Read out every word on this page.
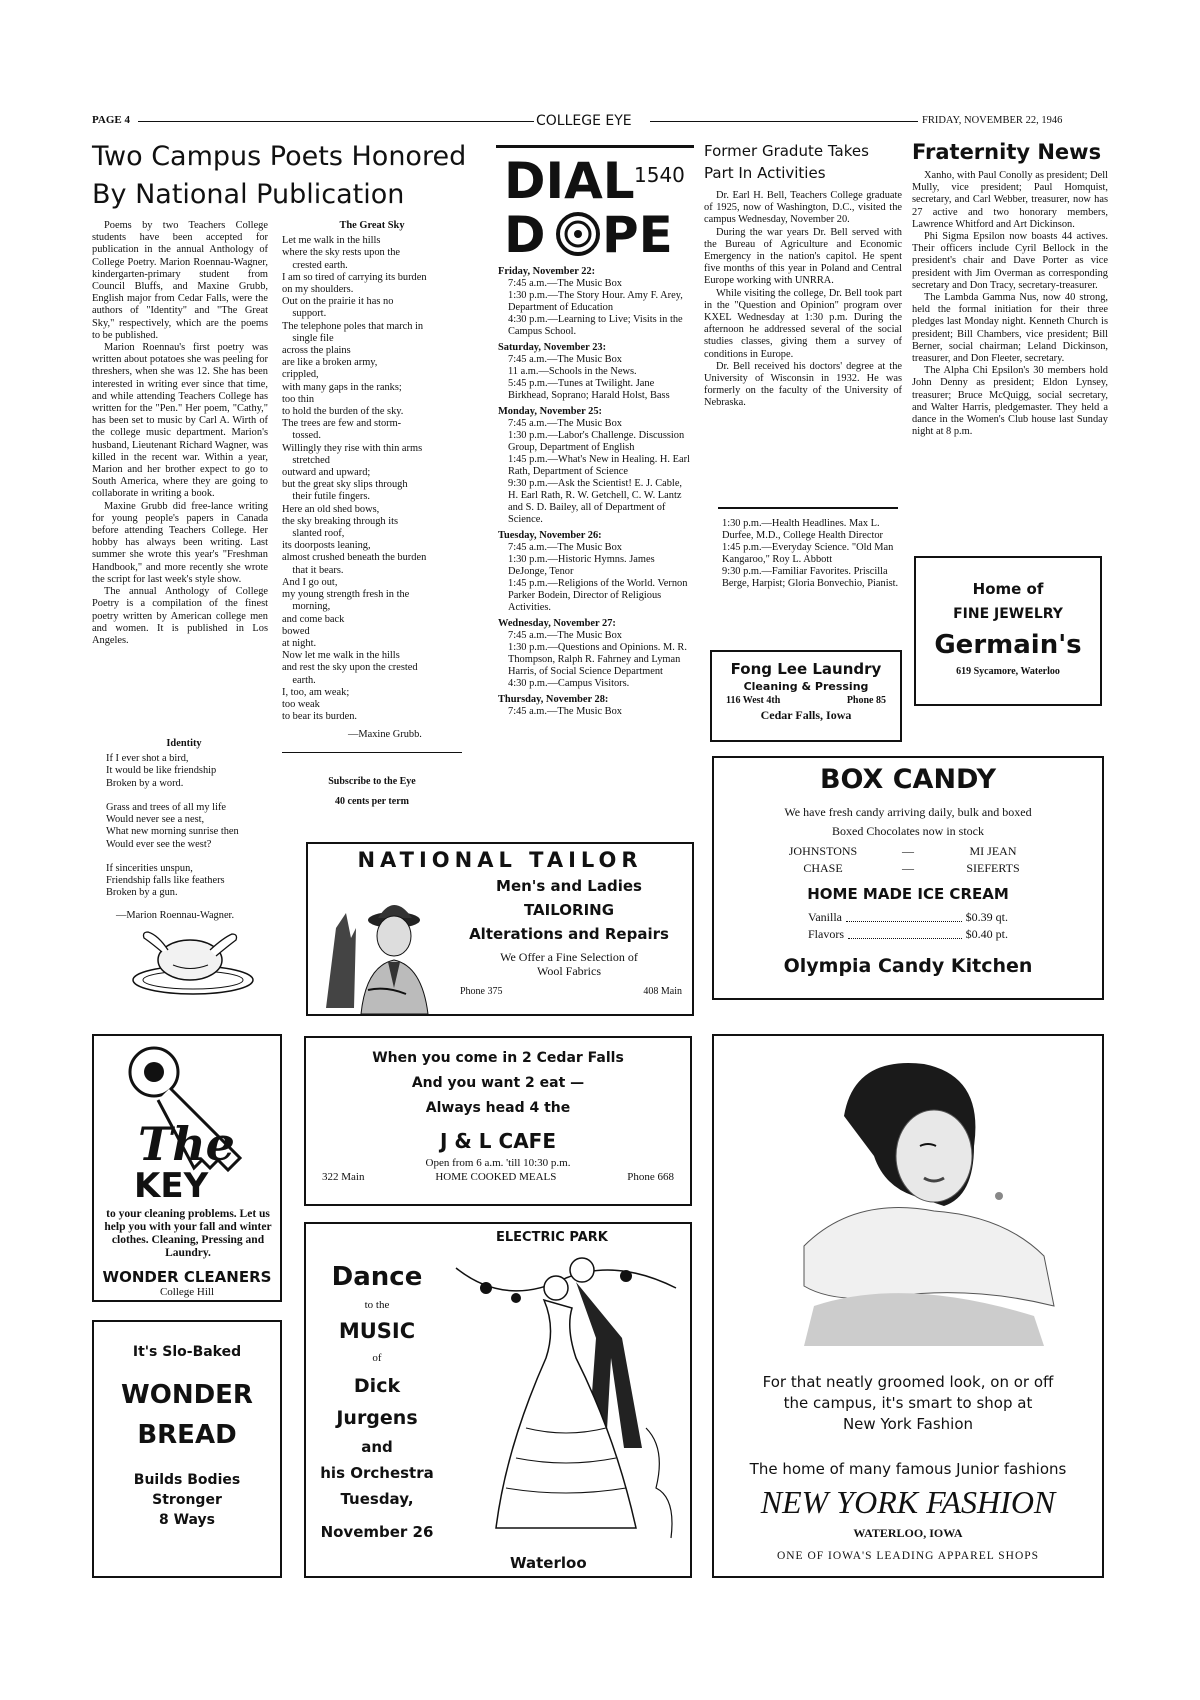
PAGE 4	COLLEGE EYE	FRIDAY, NOVEMBER 22, 1946
Two Campus Poets Honored
By National Publication

Poems by two Teachers College students have been accepted for publication in the annual Anthology of College Poetry. Marion Roennau-Wagner, kindergarten-primary student from Council Bluffs, and Maxine Grubb, English major from Cedar Falls, were the authors of "Identity" and "The Great Sky," respectively, which are the poems to be published.

Marion Roennau's first poetry was written about potatoes she was peeling for threshers, when she was 12. She has been interested in writing ever since that time, and while attending Teachers College has written for the "Pen." Her poem, "Cathy," has been set to music by Carl A. Wirth of the college music department. Marion's husband, Lieutenant Richard Wagner, was killed in the recent war. Within a year, Marion and her brother expect to go to South America, where they are going to collaborate in writing a book.

Maxine Grubb did free-lance writing for young people's papers in Canada before attending Teachers College. Her hobby has always been writing. Last summer she wrote this year's "Freshman Handbook," and more recently she wrote the script for last week's style show.

The annual Anthology of College Poetry is a compilation of the finest poetry written by American college men and women. It is published in Los Angeles.

Identity
If I ever shot a bird,
It would be like friendship
Broken by a word.

Grass and trees of all my life
Would never see a nest,
What new morning sunrise then
Would ever see the west?

If sincerities unspun,
Friendship falls like feathers
Broken by a gun.
—Marion Roennau-Wagner.
The Great Sky
Let me walk in the hills
where the sky rests upon the
crested earth.
I am so tired of carrying its burden
on my shoulders.
Out on the prairie it has no
support.
The telephone poles that march in
single file
across the plains
are like a broken army,
crippled,
with many gaps in the ranks;
too thin
to hold the burden of the sky.
The trees are few and storm-
tossed.
Willingly they rise with thin arms
stretched
outward and upward;
but the great sky slips through
their futile fingers.
Here an old shed bows,
the sky breaking through its
slanted roof,
its doorposts leaning,
almost crushed beneath the burden
that it bears.
And I go out,
my young strength fresh in the
morning,
and come back
bowed
at night.
Now let me walk in the hills
and rest the sky upon the crested
earth.
I, too, am weak;
too weak
to bear its burden.
—Maxine Grubb.
Subscribe to the Eye
40 cents per term
DIAL 1540
D PE
Friday, November 22:
7:45 a.m.—The Music Box
1:30 p.m.—The Story Hour. Amy F. Arey, Department of Education
4:30 p.m.—Learning to Live; Visits in the Campus School.
Saturday, November 23:
7:45 a.m.—The Music Box
11 a.m.—Schools in the News.
5:45 p.m.—Tunes at Twilight. Jane Birkhead, Soprano; Harald Holst, Bass
Monday, November 25:
7:45 a.m.—The Music Box
1:30 p.m.—Labor's Challenge. Discussion Group, Department of English
1:45 p.m.—What's New in Healing. H. Earl Rath, Department of Science
9:30 p.m.—Ask the Scientist! E. J. Cable, H. Earl Rath, R. W. Getchell, C. W. Lantz and S. D. Bailey, all of Department of Science.
Tuesday, November 26:
7:45 a.m.—The Music Box
1:30 p.m.—Historic Hymns. James DeJonge, Tenor
1:45 p.m.—Religions of the World. Vernon Parker Bodein, Director of Religious Activities.
Wednesday, November 27:
7:45 a.m.—The Music Box
1:30 p.m.—Questions and Opinions. M. R. Thompson, Ralph R. Fahrney and Lyman Harris, of Social Science Department
4:30 p.m.—Campus Visitors.
Thursday, November 28:
7:45 a.m.—The Music Box
Former Gradute Takes
Part In Activities

Dr. Earl H. Bell, Teachers College graduate of 1925, now of Washington, D.C., visited the campus Wednesday, November 20.

During the war years Dr. Bell served with the Bureau of Agriculture and Economic Emergency in the nation's capitol. He spent five months of this year in Poland and Central Europe working with UNRRA.

While visiting the college, Dr. Bell took part in the "Question and Opinion" program over KXEL Wednesday at 1:30 p.m. During the afternoon he addressed several of the social studies classes, giving them a survey of conditions in Europe.

Dr. Bell received his doctors' degree at the University of Wisconsin in 1932. He was formerly on the faculty of the University of Nebraska.

1:30 p.m.—Health Headlines. Max L. Durfee, M.D., College Health Director
1:45 p.m.—Everyday Science. "Old Man Kangaroo," Roy L. Abbott
9:30 p.m.—Familiar Favorites. Priscilla Berge, Harpist; Gloria Bonvechio, Pianist.
Fraternity News

Xanho, with Paul Conolly as president; Dell Mully, vice president; Paul Homquist, secretary, and Carl Webber, treasurer, now has 27 active and two honorary members, Lawrence Whitford and Art Dickinson.

Phi Sigma Epsilon now boasts 44 actives. Their officers include Cyril Bellock in the president's chair and Dave Porter as vice president with Jim Overman as corresponding secretary and Don Tracy, secretary-treasurer.

The Lambda Gamma Nus, now 40 strong, held the formal initiation for their three pledges last Monday night. Kenneth Church is president; Bill Chambers, vice president; Bill Berner, social chairman; Leland Dickinson, treasurer, and Don Fleeter, secretary.

The Alpha Chi Epsilon's 30 members hold John Denny as president; Eldon Lynsey, treasurer; Bruce McQuigg, social secretary, and Walter Harris, pledgemaster. They held a dance in the Women's Club house last Sunday night at 8 p.m.

Home of
FINE JEWELRY
Germain's
619 Sycamore, Waterloo
Fong Lee Laundry
Cleaning & Pressing
116 West 4th	Phone 85
Cedar Falls, Iowa
BOX CANDY
We have fresh candy arriving daily, bulk and boxed
Boxed Chocolates now in stock
JOHNSTONS	—	MI JEAN
CHASE	—	SIEFERTS
HOME MADE ICE CREAM
Vanilla	$0.39 qt.
Flavors	$0.40 pt.
Olympia Candy Kitchen
NATIONAL TAILOR
Men's and Ladies
TAILORING
Alterations and Repairs
We Offer a Fine Selection of
Wool Fabrics
Phone 375	408 Main
The
KEY
to your cleaning problems. Let us help you with your fall and winter clothes. Cleaning, Pressing and Laundry.
WONDER CLEANERS
College Hill
It's Slo-Baked
WONDER
BREAD
Builds Bodies
Stronger
8 Ways
When you come in 2 Cedar Falls
And you want 2 eat —
Always head 4 the
J & L CAFE
Open from 6 a.m. 'till 10:30 p.m.
322 Main	HOME COOKED MEALS	Phone 668
ELECTRIC PARK
Dance
to the
MUSIC
of
Dick
Jurgens
and
his Orchestra
Tuesday,
November 26
Waterloo
For that neatly groomed look, on or off
the campus, it's smart to shop at
New York Fashion
The home of many famous Junior fashions
NEW YORK FASHION
WATERLOO, IOWA
ONE OF IOWA'S LEADING APPAREL SHOPS
